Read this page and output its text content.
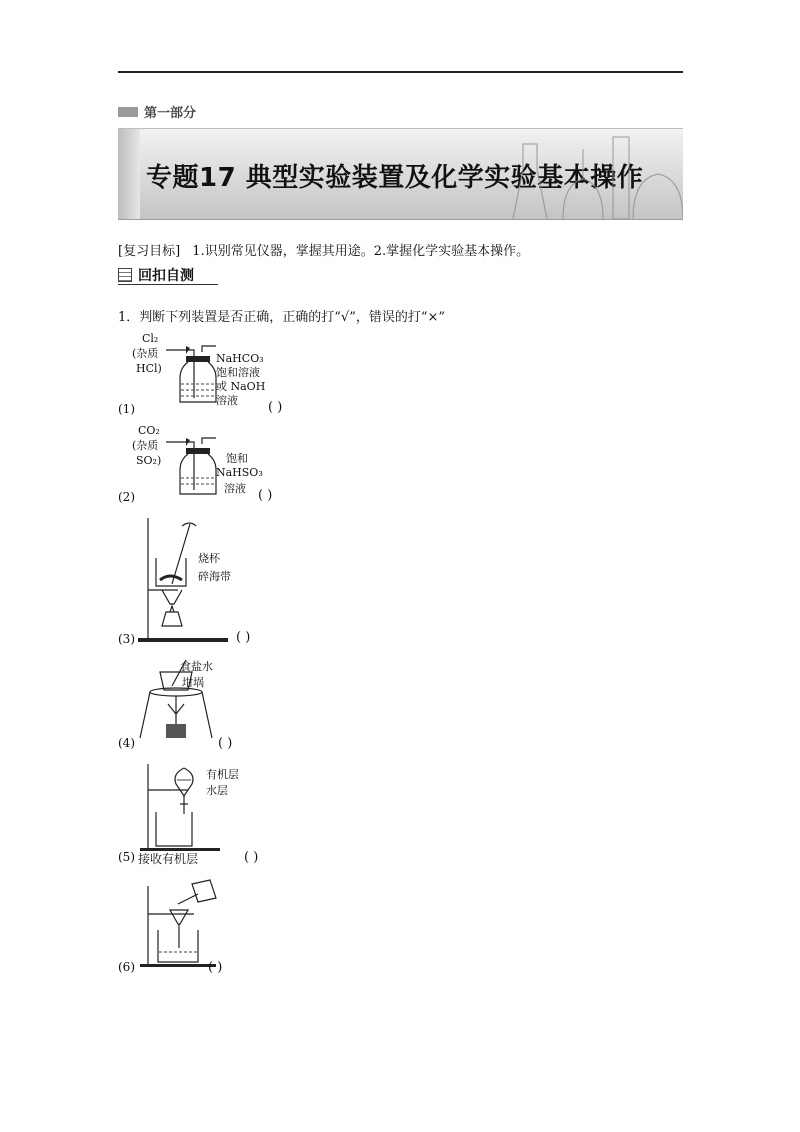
第一部分
专题17 典型实验装置及化学实验基本操作
[复习目标] 1.识别常见仪器，掌握其用途。2.掌握化学实验基本操作。
回扣自测
1．判断下列装置是否正确，正确的打“√”，错误的打“×”
Cl₂
(杂质
HCl)
NaHCO₃
饱和溶液
或 NaOH
溶液
(1)	( )
CO₂
(杂质
SO₂)	饱和
NaHSO₃
溶液
(2)	( )
烧杯
碎海带
(3)	( )
食盐水
坩埚
(4)	( )
有机层
水层
(5) 接收有机层	( )
(6)	( )
